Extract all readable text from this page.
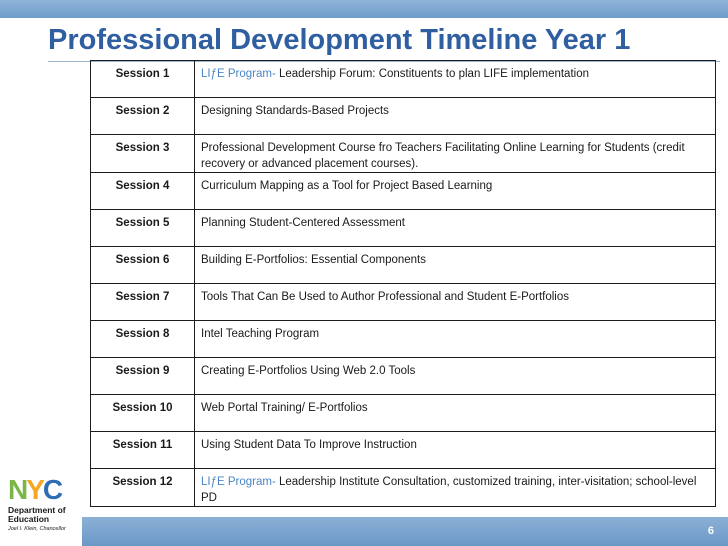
Professional Development Timeline Year 1
Session 1	LIƒE Program- Leadership Forum: Constituents to plan LIFE implementation
Session 2	Designing Standards-Based Projects
Session 3	Professional Development Course fro Teachers Facilitating Online Learning for Students (credit recovery or advanced placement courses).
Session 4	Curriculum Mapping as a Tool for Project Based Learning
Session 5	Planning Student-Centered Assessment
Session 6	Building E-Portfolios: Essential Components
Session 7	Tools That Can Be Used to Author Professional and Student E-Portfolios
Session 8	Intel Teaching Program
Session 9	Creating E-Portfolios Using Web 2.0 Tools
Session 10	Web Portal Training/ E-Portfolios
Session 11	Using Student Data To Improve Instruction
Session 12	LIƒE Program- Leadership Institute Consultation, customized training, inter-visitation; school-level PD
NYC
Department of
Education
Joel I. Klein, Chancellor	6
